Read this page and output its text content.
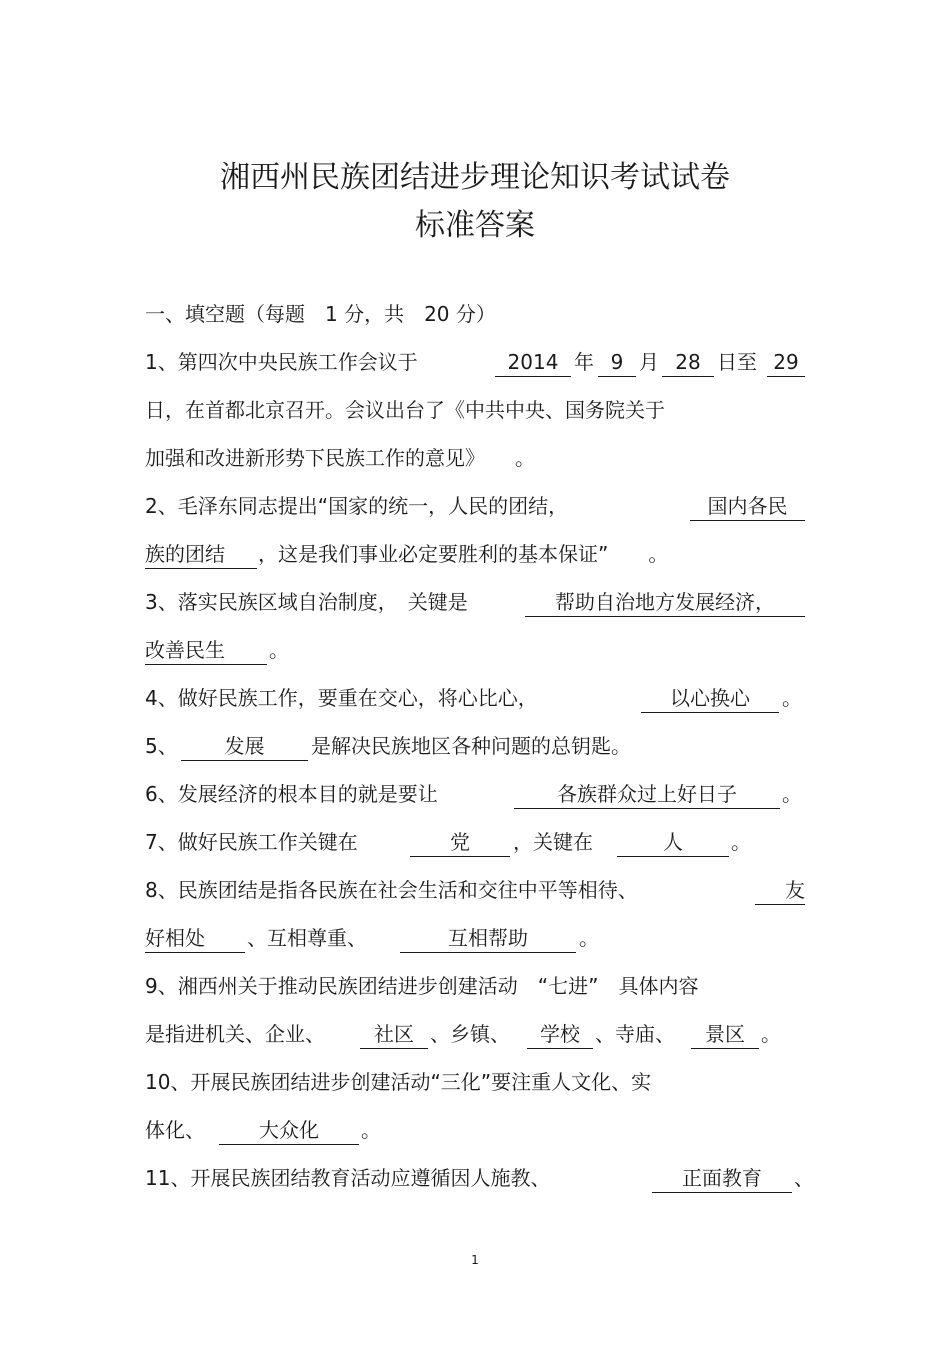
湘西州民族团结进步理论知识考试试卷
标准答案
一、填空题（每题　1 分，共　20 分）
1、第四次中央民族工作会议于	2014 年 9 月 28 日至 29
日，在首都北京召开。会议出台了《中共中央、国务院关于
加强和改进新形势下民族工作的意见》　　。
2、毛泽东同志提出“国家的统一，人民的团结，	国内各民
族的团结	，这是我们事业必定要胜利的基本保证”　　。
3、落实民族区域自治制度，　关键是	帮助自治地方发展经济，
改善民生	。
4、做好民族工作，要重在交心，将心比心，	以心换心	。
5、	发展	是解决民族地区各种问题的总钥匙。
6、发展经济的根本目的就是要让	各族群众过上好日子	。
7、做好民族工作关键在	党	，关键在	人	。
8、民族团结是指各民族在社会生活和交往中平等相待、	友
好相处	、互相尊重、	互相帮助	。
9、湘西州关于推动民族团结进步创建活动　“七进”　具体内容
是指进机关、企业、	社区 、乡镇、	学校 、寺庙、	景区 。
10、开展民族团结进步创建活动“三化”要注重人文化、实
体化、	大众化	。
11、开展民族团结教育活动应遵循因人施教、	正面教育	、
1
